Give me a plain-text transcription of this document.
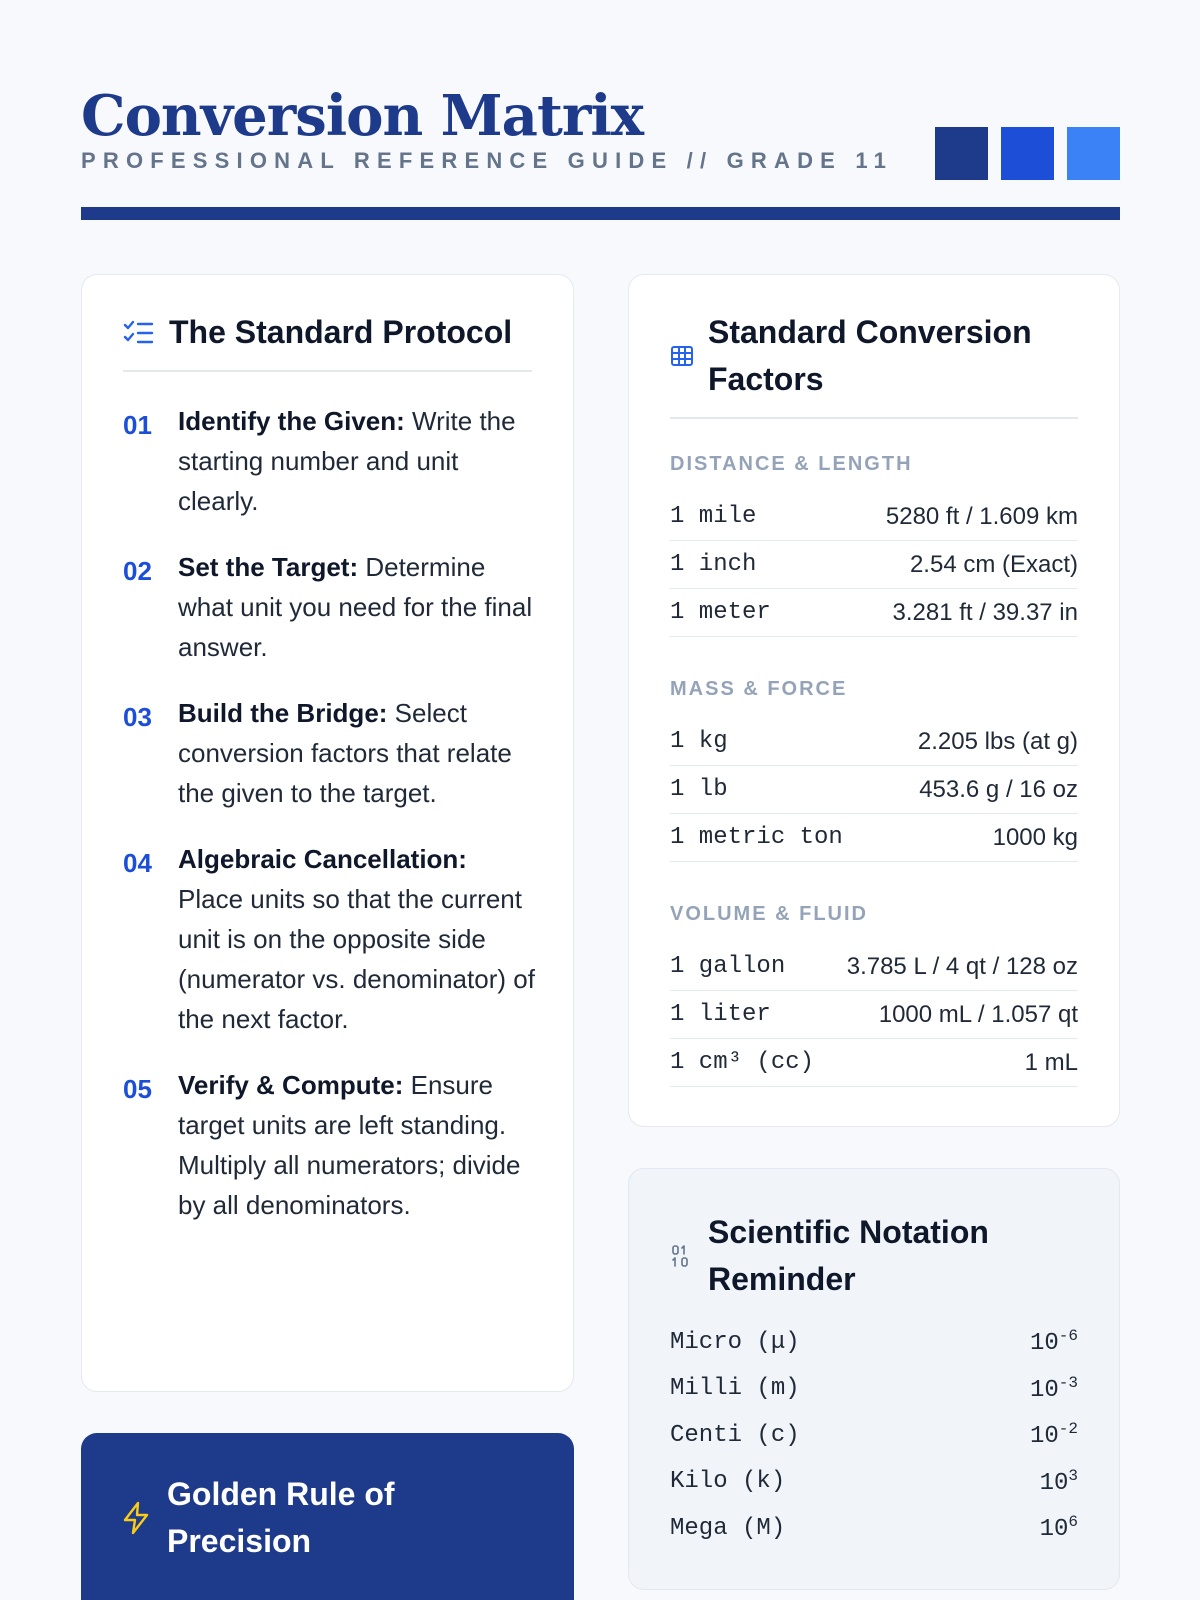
Conversion Matrix
PROFESSIONAL REFERENCE GUIDE // GRADE 11
The Standard Protocol
01	Identify the Given: Write the starting number and unit clearly.

02	Set the Target: Determine what unit you need for the final answer.

03	Build the Bridge: Select conversion factors that relate the given to the target.

04	Algebraic Cancellation: Place units so that the current unit is on the opposite side (numerator vs. denominator) of the next factor.

05	Verify & Compute: Ensure target units are left standing. Multiply all numerators; divide by all denominators.

Golden Rule of Precision
Standard Conversion Factors
DISTANCE & LENGTH
1 mile	5280 ft / 1.609 km
1 inch	2.54 cm (Exact)
1 meter	3.281 ft / 39.37 in
MASS & FORCE
1 kg	2.205 lbs (at g)
1 lb	453.6 g / 16 oz
1 metric ton	1000 kg
VOLUME & FLUID
1 gallon	3.785 L / 4 qt / 128 oz
1 liter	1000 mL / 1.057 qt
1 cm³ (cc)	1 mL
Scientific Notation Reminder
Micro (μ)	$10^{-6}$
Milli (m)	$10^{-3}$
Centi (c)	$10^{-2}$
Kilo (k)	$10^3$
Mega (M)	$10^6$
